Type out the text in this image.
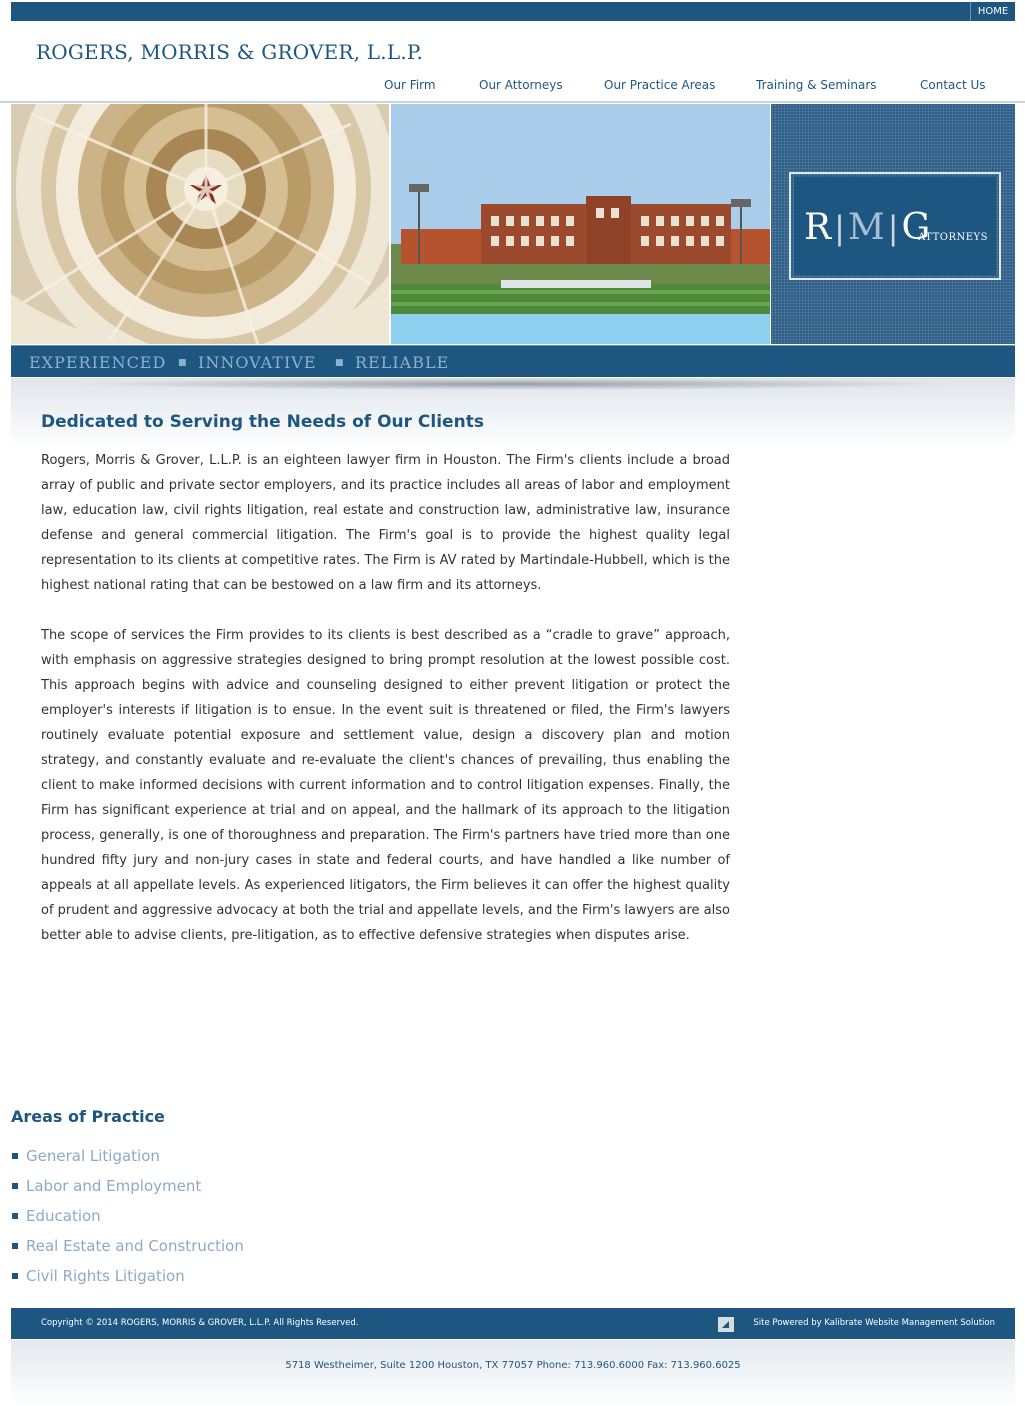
HOME
ROGERS, MORRIS & GROVER, L.L.P.
Our Firm	Our Attorneys	Our Practice Areas	Training & Seminars	Contact Us
R|M|G
ATTORNEYS
EXPERIENCED ■ INNOVATIVE ■ RELIABLE
Dedicated to Serving the Needs of Our Clients

Rogers, Morris & Grover, L.L.P. is an eighteen lawyer firm in Houston. The Firm's clients include a broad array of public and private sector employers, and its practice includes all areas of labor and employment law, education law, civil rights litigation, real estate and construction law, administrative law, insurance defense and general commercial litigation. The Firm's goal is to provide the highest quality legal representation to its clients at competitive rates. The Firm is AV rated by Martindale-Hubbell, which is the highest national rating that can be bestowed on a law firm and its attorneys.

The scope of services the Firm provides to its clients is best described as a “cradle to grave” approach, with emphasis on aggressive strategies designed to bring prompt resolution at the lowest possible cost. This approach begins with advice and counseling designed to either prevent litigation or protect the employer's interests if litigation is to ensue. In the event suit is threatened or filed, the Firm's lawyers routinely evaluate potential exposure and settlement value, design a discovery plan and motion strategy, and constantly evaluate and re-evaluate the client's chances of prevailing, thus enabling the client to make informed decisions with current information and to control litigation expenses. Finally, the Firm has significant experience at trial and on appeal, and the hallmark of its approach to the litigation process, generally, is one of thoroughness and preparation. The Firm's partners have tried more than one hundred fifty jury and non-jury cases in state and federal courts, and have handled a like number of appeals at all appellate levels. As experienced litigators, the Firm believes it can offer the highest quality of prudent and aggressive advocacy at both the trial and appellate levels, and the Firm's lawyers are also better able to advise clients, pre-litigation, as to effective defensive strategies when disputes arise.

Areas of Practice
General Litigation
Labor and Employment
Education
Real Estate and Construction
Civil Rights Litigation
Copyright © 2014 ROGERS, MORRIS & GROVER, L.L.P. All Rights Reserved.	Site Powered by Kalibrate Website Management Solution
5718 Westheimer, Suite 1200 Houston, TX 77057 Phone: 713.960.6000 Fax: 713.960.6025
